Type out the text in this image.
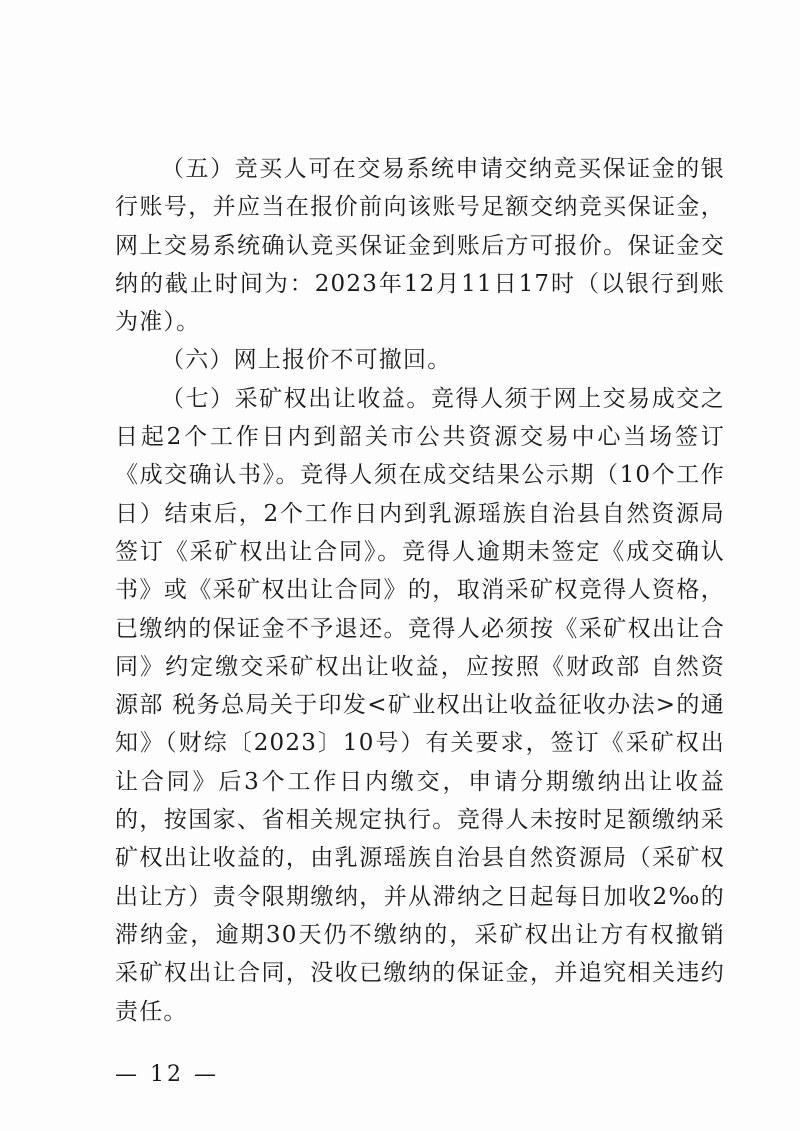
（五）竞买人可在交易系统申请交纳竞买保证金的银行账号，并应当在报价前向该账号足额交纳竞买保证金，网上交易系统确认竞买保证金到账后方可报价。保证金交纳的截止时间为：2023年12月11日17时（以银行到账为准）。

（六）网上报价不可撤回。

（七）采矿权出让收益。竞得人须于网上交易成交之日起2个工作日内到韶关市公共资源交易中心当场签订《成交确认书》。竞得人须在成交结果公示期（10个工作日）结束后，2个工作日内到乳源瑶族自治县自然资源局签订《采矿权出让合同》。竞得人逾期未签定《成交确认书》或《采矿权出让合同》的，取消采矿权竞得人资格，已缴纳的保证金不予退还。竞得人必须按《采矿权出让合同》约定缴交采矿权出让收益，应按照《财政部 自然资源部 税务总局关于印发<矿业权出让收益征收办法>的通知》（财综〔2023〕10号）有关要求，签订《采矿权出让合同》后3个工作日内缴交，申请分期缴纳出让收益的，按国家、省相关规定执行。竞得人未按时足额缴纳采矿权出让收益的，由乳源瑶族自治县自然资源局（采矿权出让方）责令限期缴纳，并从滞纳之日起每日加收2‰的滞纳金，逾期30天仍不缴纳的，采矿权出让方有权撤销采矿权出让合同，没收已缴纳的保证金，并追究相关违约责任。

— 12 —
